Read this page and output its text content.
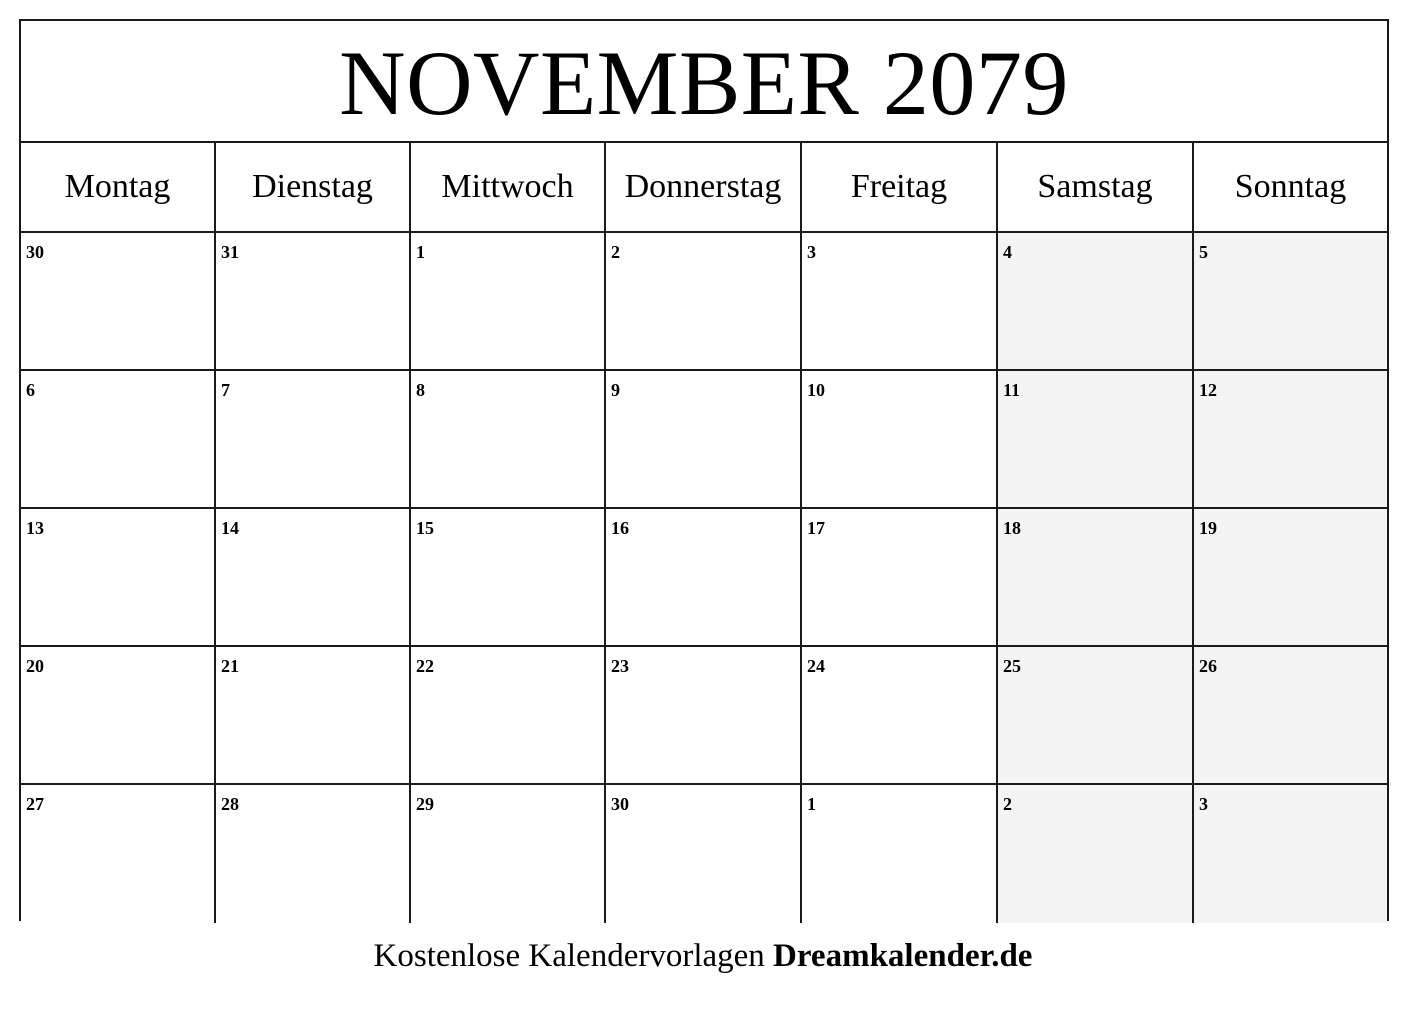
NOVEMBER 2079
Montag	Dienstag	Mittwoch	Donnerstag	Freitag	Samstag	Sonntag
30	31	1	2	3	4	5
6	7	8	9	10	11	12
13	14	15	16	17	18	19
20	21	22	23	24	25	26
27	28	29	30	1	2	3
Kostenlose Kalendervorlagen Dreamkalender.de
